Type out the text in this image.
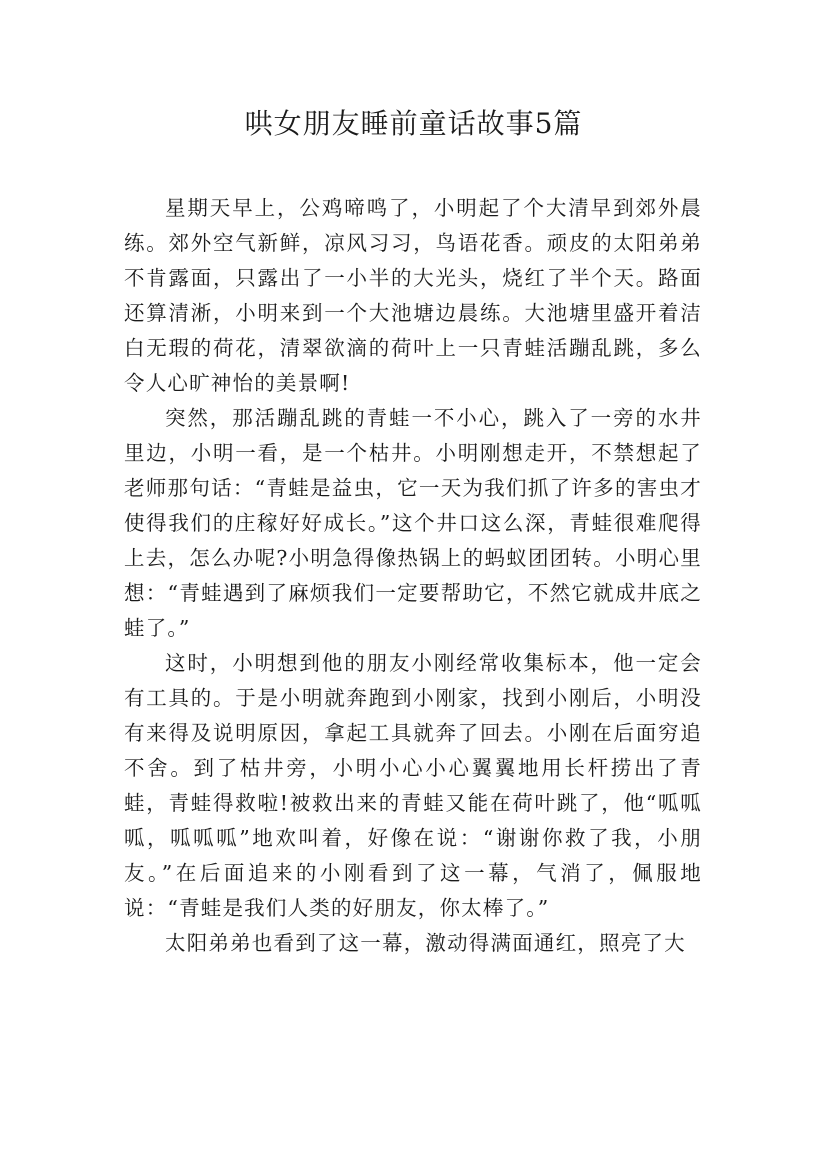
哄女朋友睡前童话故事5篇

星期天早上，公鸡啼鸣了，小明起了个大清早到郊外晨练。郊外空气新鲜，凉风习习，鸟语花香。顽皮的太阳弟弟不肯露面，只露出了一小半的大光头，烧红了半个天。路面还算清淅，小明来到一个大池塘边晨练。大池塘里盛开着洁白无瑕的荷花，清翠欲滴的荷叶上一只青蛙活蹦乱跳，多么令人心旷神怡的美景啊!

突然，那活蹦乱跳的青蛙一不小心，跳入了一旁的水井里边，小明一看，是一个枯井。小明刚想走开，不禁想起了老师那句话：“青蛙是益虫，它一天为我们抓了许多的害虫才使得我们的庄稼好好成长。”这个井口这么深，青蛙很难爬得上去，怎么办呢?小明急得像热锅上的蚂蚁团团转。小明心里想：“青蛙遇到了麻烦我们一定要帮助它，不然它就成井底之蛙了。”

这时，小明想到他的朋友小刚经常收集标本，他一定会有工具的。于是小明就奔跑到小刚家，找到小刚后，小明没有来得及说明原因，拿起工具就奔了回去。小刚在后面穷追不舍。到了枯井旁，小明小心小心翼翼地用长杆捞出了青蛙，青蛙得救啦!被救出来的青蛙又能在荷叶跳了，他“呱呱呱，呱呱呱”地欢叫着，好像在说：“谢谢你救了我，小朋友。”在后面追来的小刚看到了这一幕，气消了，佩服地说：“青蛙是我们人类的好朋友，你太棒了。”

太阳弟弟也看到了这一幕，激动得满面通红，照亮了大
